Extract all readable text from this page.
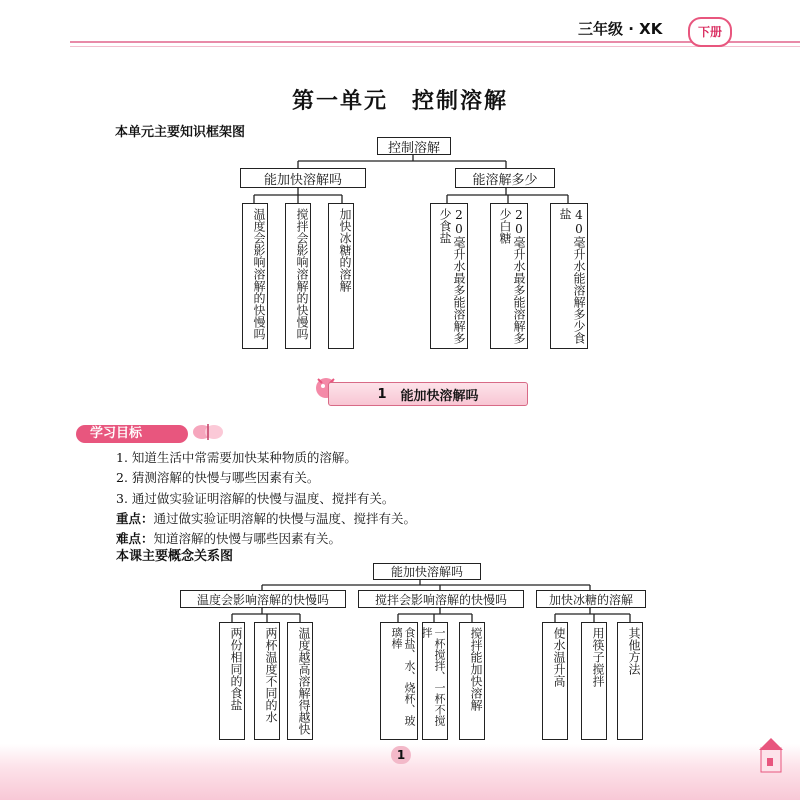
三年级 · XK	下册
第一单元　控制溶解
本单元主要知识框架图
控制溶解
能加快溶解吗	能溶解多少
温度会影响溶解的快慢吗	搅拌会影响溶解的快慢吗	加快冰糖的溶解	20毫升水最多能溶解多少食盐	20毫升水最多能溶解多少白糖	40毫升水能溶解多少食盐
1 能加快溶解吗
学习目标
1. 知道生活中常需要加快某种物质的溶解。
2. 猜测溶解的快慢与哪些因素有关。
3. 通过做实验证明溶解的快慢与温度、搅拌有关。
重点：通过做实验证明溶解的快慢与温度、搅拌有关。
难点：知道溶解的快慢与哪些因素有关。
本课主要概念关系图
能加快溶解吗
温度会影响溶解的快慢吗	搅拌会影响溶解的快慢吗	加快冰糖的溶解
两份相同的食盐	两杯温度不同的水	温度越高溶解得越快	食盐、水、烧杯、玻璃棒	一杯搅拌、一杯不搅拌	搅拌能加快溶解	使水温升高	用筷子搅拌	其他方法
1
